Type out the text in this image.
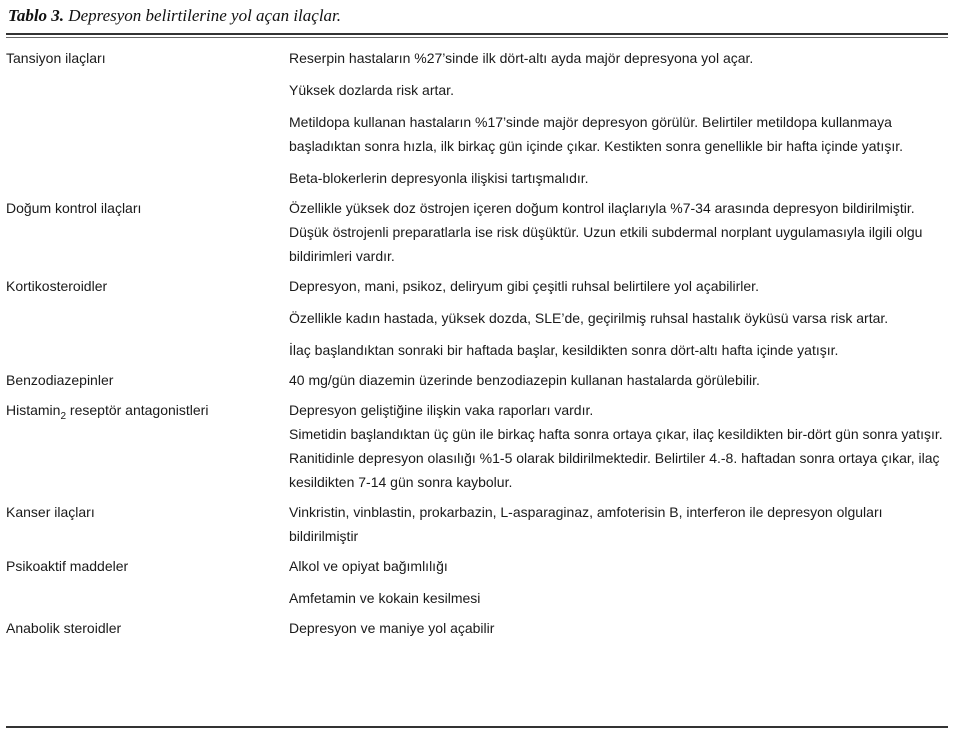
Tablo 3. Depresyon belirtilerine yol açan ilaçlar.
Tansiyon ilaçları	Reserpin hastaların %27’sinde ilk dört-altı ayda majör depresyona yol açar.

Yüksek dozlarda risk artar.

Metildopa kullanan hastaların %17’sinde majör depresyon görülür. Belirtiler metildopa kullanmaya başladıktan sonra hızla, ilk birkaç gün içinde çıkar. Kestikten sonra genellikle bir hafta içinde yatışır.

Beta-blokerlerin depresyonla ilişkisi tartışmalıdır.

Doğum kontrol ilaçları	Özellikle yüksek doz östrojen içeren doğum kontrol ilaçlarıyla %7-34 arasında depresyon bildirilmiştir. Düşük östrojenli preparatlarla ise risk düşüktür. Uzun etkili subdermal norplant uygulamasıyla ilgili olgu bildirimleri vardır.

Kortikosteroidler	Depresyon, mani, psikoz, deliryum gibi çeşitli ruhsal belirtilere yol açabilirler.

Özellikle kadın hastada, yüksek dozda, SLE’de, geçirilmiş ruhsal hastalık öyküsü varsa risk artar.

İlaç başlandıktan sonraki bir haftada başlar, kesildikten sonra dört-altı hafta içinde yatışır.

Benzodiazepinler	40 mg/gün diazemin üzerinde benzodiazepin kullanan hastalarda görülebilir.

Histamin$_2$ reseptör antagonistleri	Depresyon geliştiğine ilişkin vaka raporları vardır.

Simetidin başlandıktan üç gün ile birkaç hafta sonra ortaya çıkar, ilaç kesildikten bir-dört gün sonra yatışır.

Ranitidinle depresyon olasılığı %1-5 olarak bildirilmektedir. Belirtiler 4.-8. haftadan sonra ortaya çıkar, ilaç kesildikten 7-14 gün sonra kaybolur.

Kanser ilaçları	Vinkristin, vinblastin, prokarbazin, L-asparaginaz, amfoterisin B, interferon ile depresyon olguları bildirilmiştir

Psikoaktif maddeler	Alkol ve opiyat bağımlılığı

Amfetamin ve kokain kesilmesi

Anabolik steroidler	Depresyon ve maniye yol açabilir
